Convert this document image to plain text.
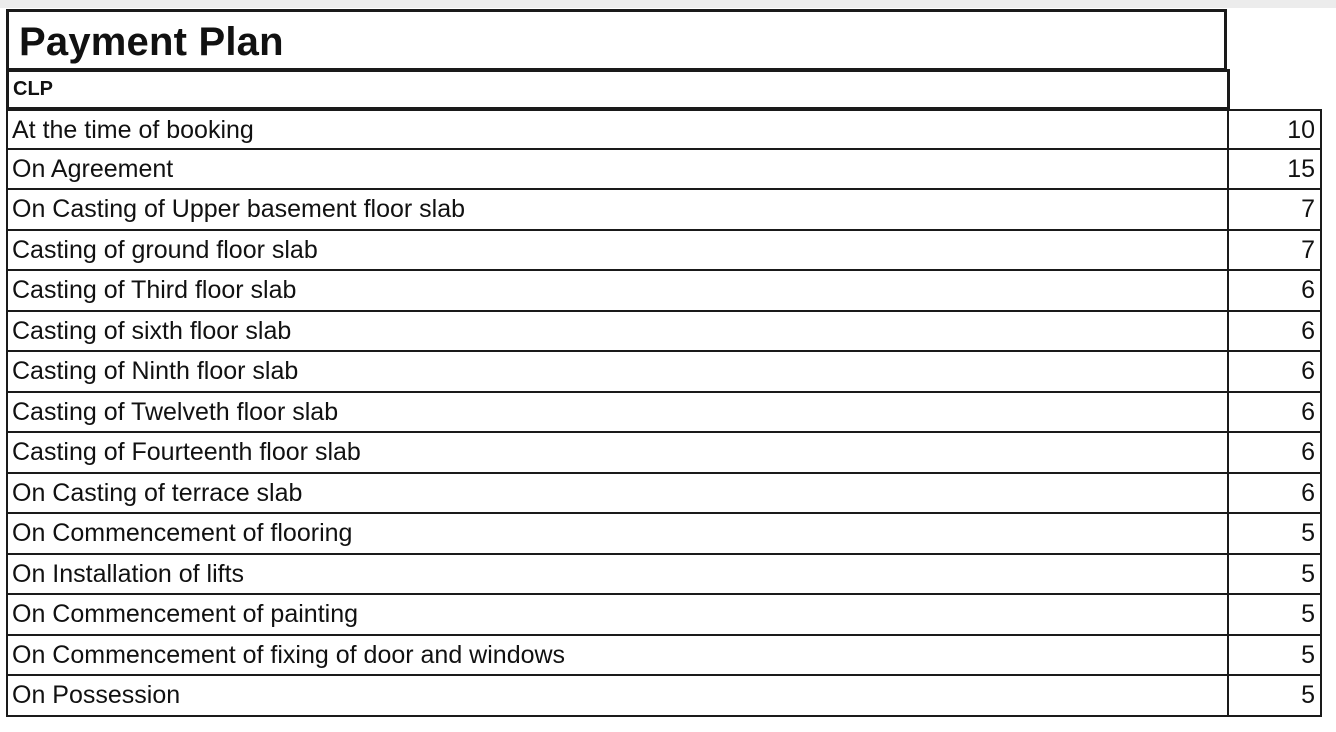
Payment Plan
CLP
At the time of booking	10
On Agreement	15
On Casting of Upper basement floor slab	7
Casting of ground floor slab	7
Casting of Third floor slab	6
Casting of sixth floor slab	6
Casting of Ninth floor slab	6
Casting of Twelveth floor slab	6
Casting of Fourteenth floor slab	6
On Casting of terrace slab	6
On Commencement of flooring	5
On Installation of lifts	5
On Commencement of painting	5
On Commencement of fixing of door and windows	5
On Possession	5
